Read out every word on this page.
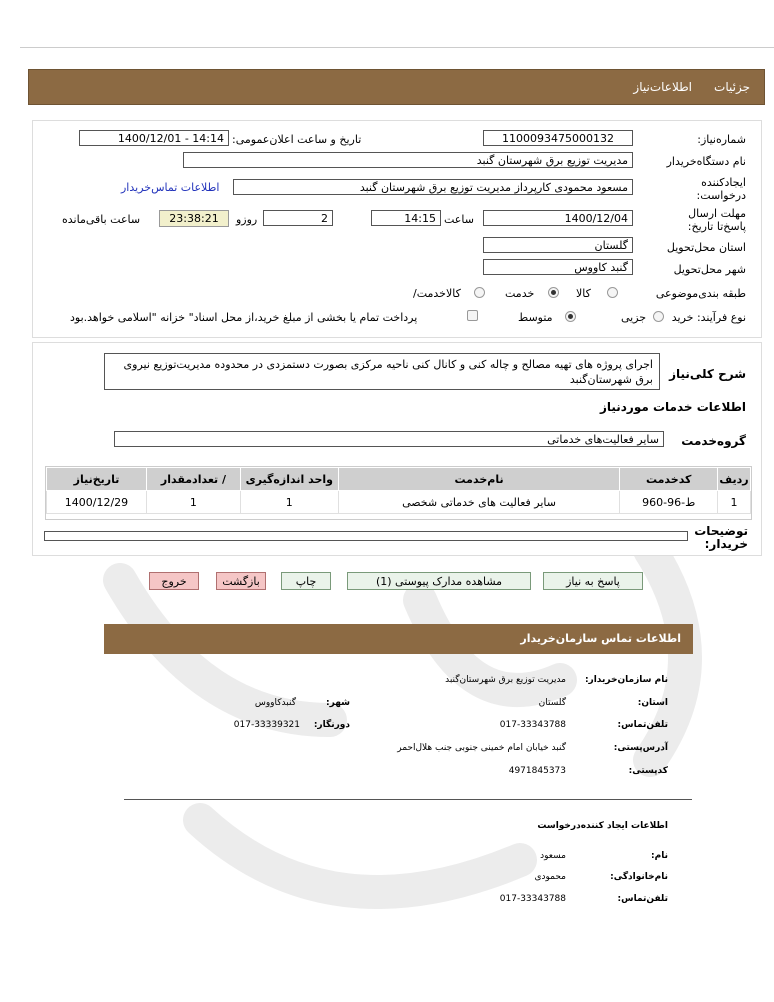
جزئیات
اطلاعات‌نیاز
شماره‌نیاز:
1100093475000132
تاریخ و ساعت اعلان‌عمومی:
1400/12/01 - 14:14
نام دستگاه‌خریدار
مدیریت توزیع برق شهرستان گنبد
ایجادکننده درخواست:
مسعود محمودی کارپرداز مدیریت توزیع برق شهرستان گنبد
اطلاعات تماس‌خریدار
مهلت ارسال پاسخ‌تا تاریخ:
1400/12/04
ساعت
14:15
2
روزو
23:38:21
ساعت باقی‌مانده
استان محل‌تحویل
گلستان
شهر محل‌تحویل
گنبد کاووس
طبقه بندی‌موضوعی
کالا
خدمت
کالاخدمت/
نوع فرآیند: خرید
جزیی
متوسط
پرداخت تمام یا بخشی از مبلغ خرید،از محل اسناد" خزانه "اسلامی خواهد.بود
شرح کلی‌نیاز
اجرای پروژه های تهیه مصالح و چاله کنی و کانال کنی ناحیه مرکزی بصورت دستمزدی در محدوده مدیریت‌توزیع نیروی برق شهرستان‌گنبد
اطلاعات خدمات موردنیاز
گروه‌خدمت
سایر فعالیت‌های خدماتی
ردیف	کدخدمت	نام‌خدمت	واحد اندازه‌گیری	/ تعدادمقدار	تاریخ‌نیاز
1	ط-96-960	سایر فعالیت های خدماتی شخصی	1	1	1400/12/29
توضیحات خریدار:
پاسخ به نیاز
مشاهده مدارک پیوستی (1)
چاپ
بازگشت
خروج
اطلاعات تماس سازمان‌خریدار
نام سازمان‌خریدار:
مدیریت توزیع برق شهرستان‌گنبد
استان:
گلستان
شهر:
گنبدکاووس
تلفن‌تماس:
017-33343788
دورنگار:
017-33339321
آدرس‌پستی:
گنبد خیابان امام خمینی جنوبی جنب هلال‌احمر
کدپستی:
4971845373
اطلاعات ایجاد کننده‌درخواست
نام:
مسعود
نام‌خانوادگی:
محمودی
تلفن‌تماس:
017-33343788
